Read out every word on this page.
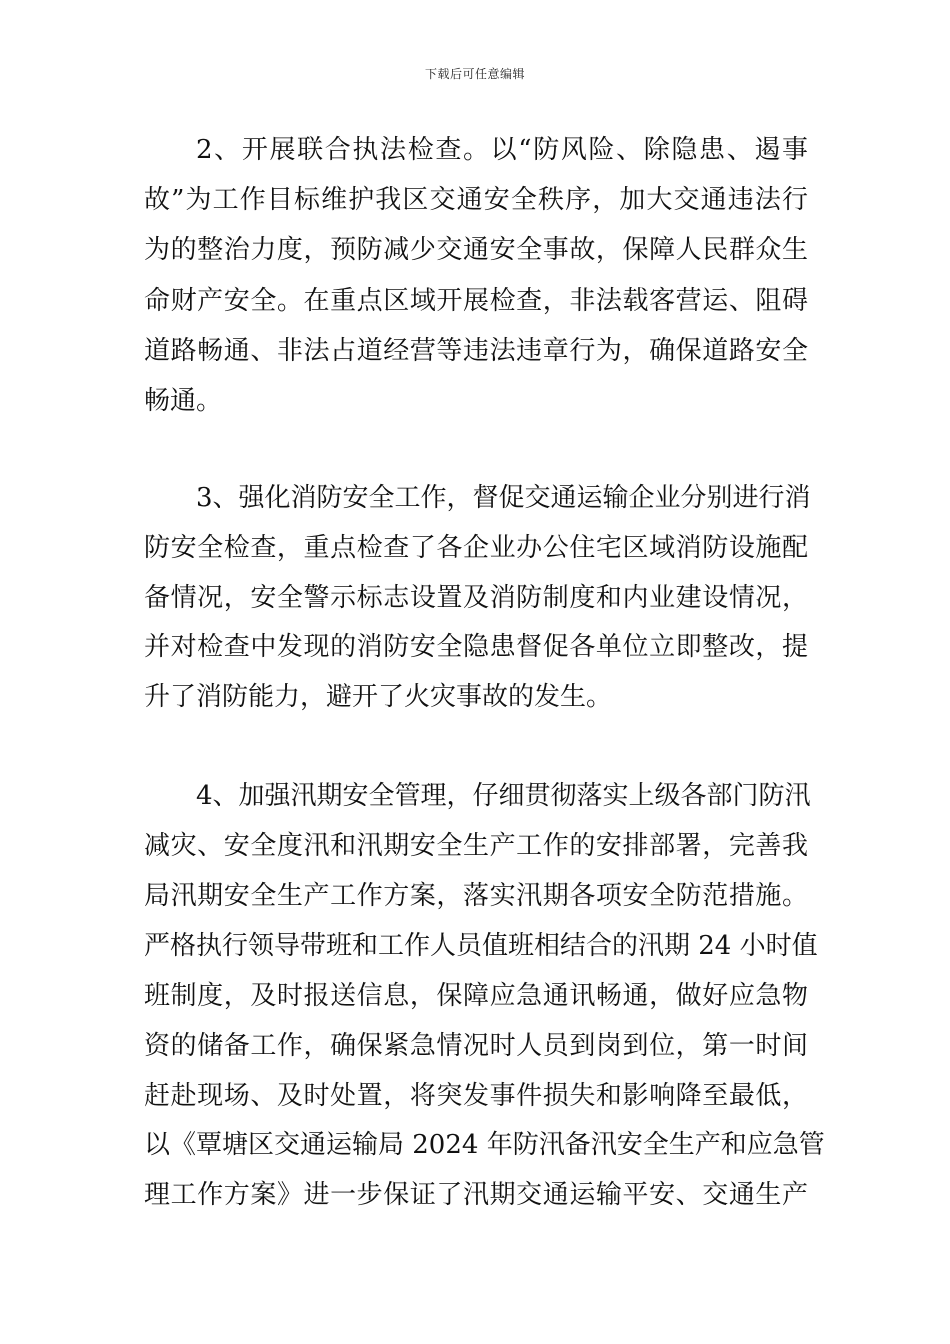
下载后可任意编辑
2、开展联合执法检查。以“防风险、除隐患、遏事
故”为工作目标维护我区交通安全秩序，加大交通违法行
为的整治力度，预防减少交通安全事故，保障人民群众生
命财产安全。在重点区域开展检查，非法载客营运、阻碍
道路畅通、非法占道经营等违法违章行为，确保道路安全
畅通。
3、强化消防安全工作，督促交通运输企业分别进行消
防安全检查，重点检查了各企业办公住宅区域消防设施配
备情况，安全警示标志设置及消防制度和内业建设情况，
并对检查中发现的消防安全隐患督促各单位立即整改，提
升了消防能力，避开了火灾事故的发生。
4、加强汛期安全管理，仔细贯彻落实上级各部门防汛
减灾、安全度汛和汛期安全生产工作的安排部署，完善我
局汛期安全生产工作方案，落实汛期各项安全防范措施。
严格执行领导带班和工作人员值班相结合的汛期 24 小时值
班制度，及时报送信息，保障应急通讯畅通，做好应急物
资的储备工作，确保紧急情况时人员到岗到位，第一时间
赶赴现场、及时处置，将突发事件损失和影响降至最低，
以《覃塘区交通运输局 2024 年防汛备汛安全生产和应急管
理工作方案》进一步保证了汛期交通运输平安、交通生产
